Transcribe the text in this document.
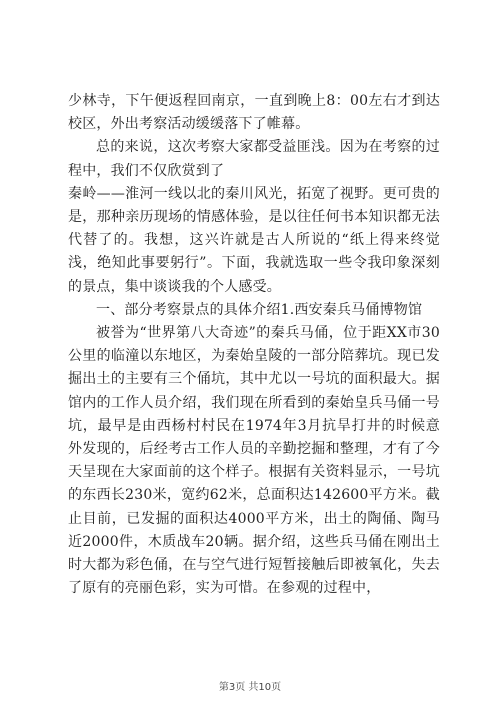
少林寺，下午便返程回南京，一直到晚上8：00左右才到达校区，外出考察活动缓缓落下了帷幕。

总的来说，这次考察大家都受益匪浅。因为在考察的过程中，我们不仅欣赏到了

秦岭——淮河一线以北的秦川风光，拓宽了视野。更可贵的是，那种亲历现场的情感体验，是以往任何书本知识都无法代替了的。我想，这兴许就是古人所说的“纸上得来终觉浅，绝知此事要躬行”。下面，我就选取一些令我印象深刻的景点，集中谈谈我的个人感受。

一、部分考察景点的具体介绍1.西安秦兵马俑博物馆

被誉为“世界第八大奇迹”的秦兵马俑，位于距XX市30公里的临潼以东地区，为秦始皇陵的一部分陪葬坑。现已发掘出土的主要有三个俑坑，其中尤以一号坑的面积最大。据馆内的工作人员介绍，我们现在所看到的秦始皇兵马俑一号坑，最早是由西杨村村民在1974年3月抗旱打井的时候意外发现的，后经考古工作人员的辛勤挖掘和整理，才有了今天呈现在大家面前的这个样子。根据有关资料显示，一号坑的东西长230米，宽约62米，总面积达142600平方米。截止目前，已发掘的面积达4000平方米，出土的陶俑、陶马近2000件，木质战车20辆。据介绍，这些兵马俑在刚出土时大都为彩色俑，在与空气进行短暂接触后即被氧化，失去了原有的亮丽色彩，实为可惜。在参观的过程中，

第3页 共10页
